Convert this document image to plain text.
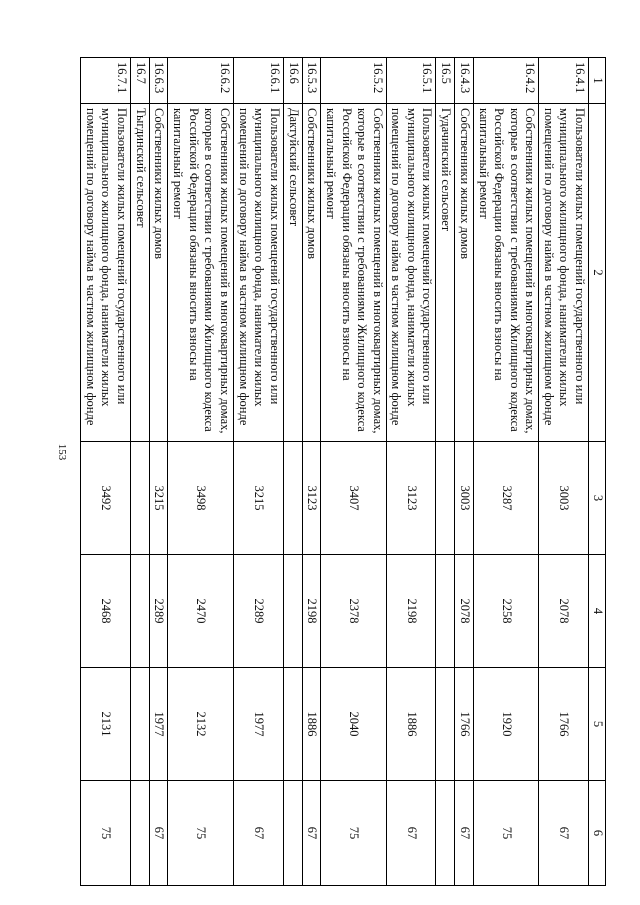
153
1	2	3	4	5	6
16.4.1	Пользователи жилых помещений государственного или муниципального жилищного фонда, наниматели жилых помещений по договору найма в частном жилищном фонде	3003	2078	1766	67
16.4.2	Собственники жилых помещений в многоквартирных домах, которые в соответствии с требованиями Жилищного кодекса Российской Федерации обязаны вносить взносы на капитальный ремонт	3287	2258	1920	75
16.4.3	Собственники жилых домов	3003	2078	1766	67
16.5	Гудачинский сельсовет				
16.5.1	Пользователи жилых помещений государственного или муниципального жилищного фонда, наниматели жилых помещений по договору найма в частном жилищном фонде	3123	2198	1886	67
16.5.2	Собственники жилых помещений в многоквартирных домах, которые в соответствии с требованиями Жилищного кодекса Российской Федерации обязаны вносить взносы на капитальный ремонт	3407	2378	2040	75
16.5.3	Собственники жилых домов	3123	2198	1886	67
16.6	Дактуйский сельсовет				
16.6.1	Пользователи жилых помещений государственного или муниципального жилищного фонда, наниматели жилых помещений по договору найма в частном жилищном фонде	3215	2289	1977	67
16.6.2	Собственники жилых помещений в многоквартирных домах, которые в соответствии с требованиями Жилищного кодекса Российской Федерации обязаны вносить взносы на капитальный ремонт	3498	2470	2132	75
16.6.3	Собственники жилых домов	3215	2289	1977	67
16.7	Тыгдинский сельсовет				
16.7.1	Пользователи жилых помещений государственного или муниципального жилищного фонда, наниматели жилых помещений по договору найма в частном жилищном фонде	3492	2468	2131	75
